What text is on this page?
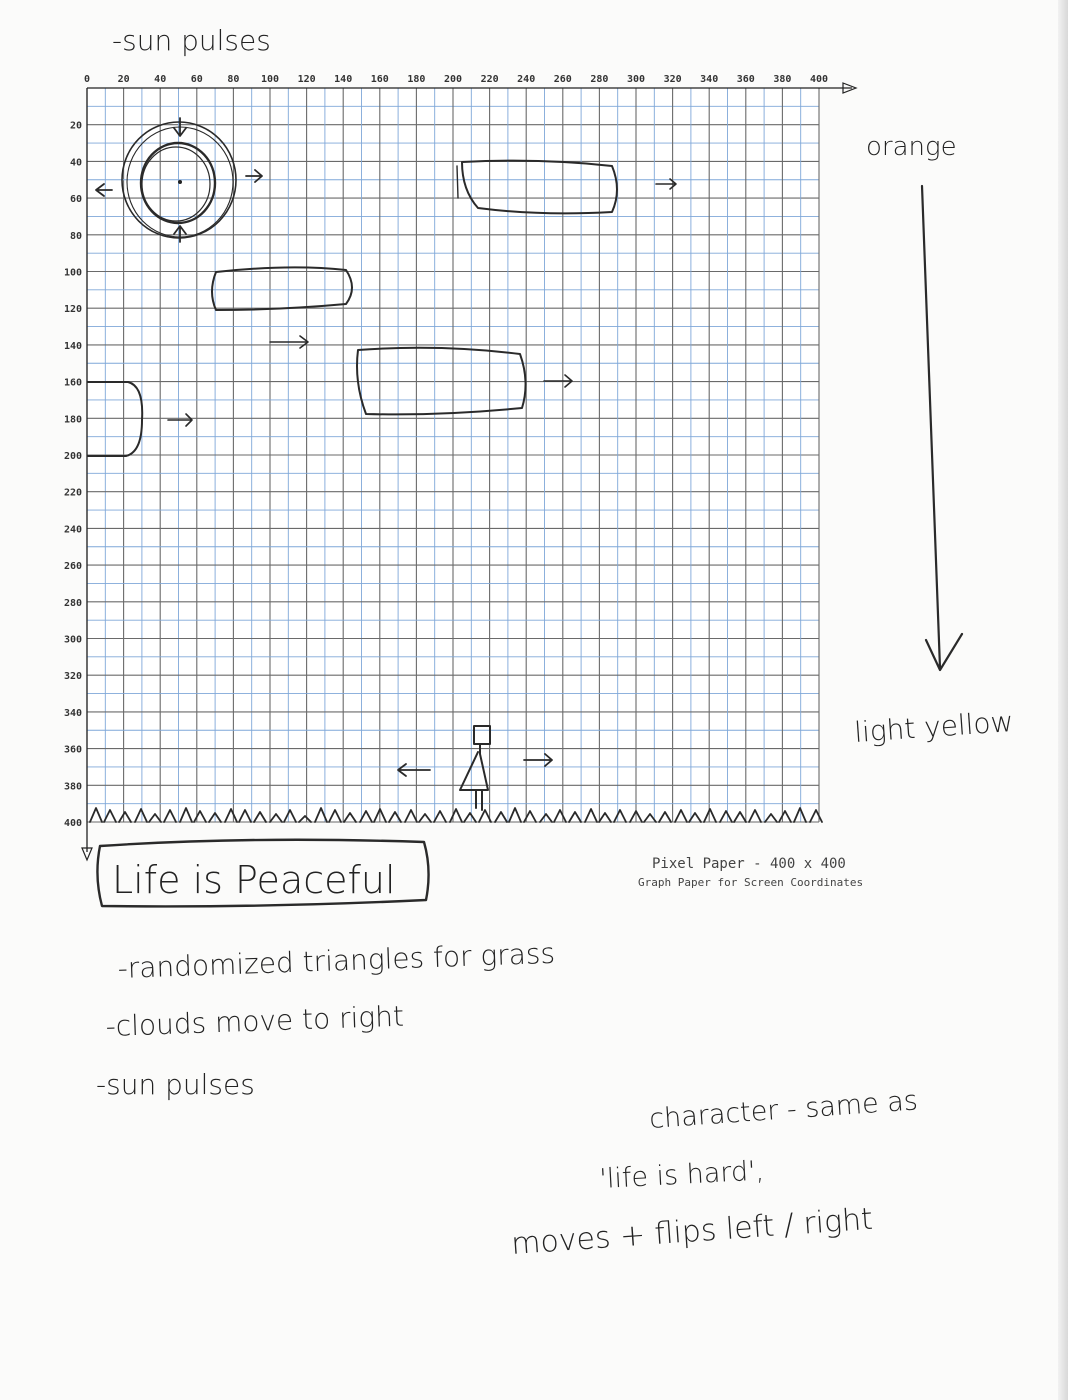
-sun pulses
0	20 40 60 80 100 120 140 160 180 200 220 240 260 280 300 320 340 360 380 400
20
40
60
80
100
120
140
160
180
200
220
240
260
280
300
320
340
360
380
400
orange
light yellow
Life is Peaceful	Pixel Paper - 400 x 400
Graph Paper for Screen Coordinates
-randomized triangles for grass
-clouds move to right
-sun pulses
character - same as
'life is hard',
moves + flips left / right
